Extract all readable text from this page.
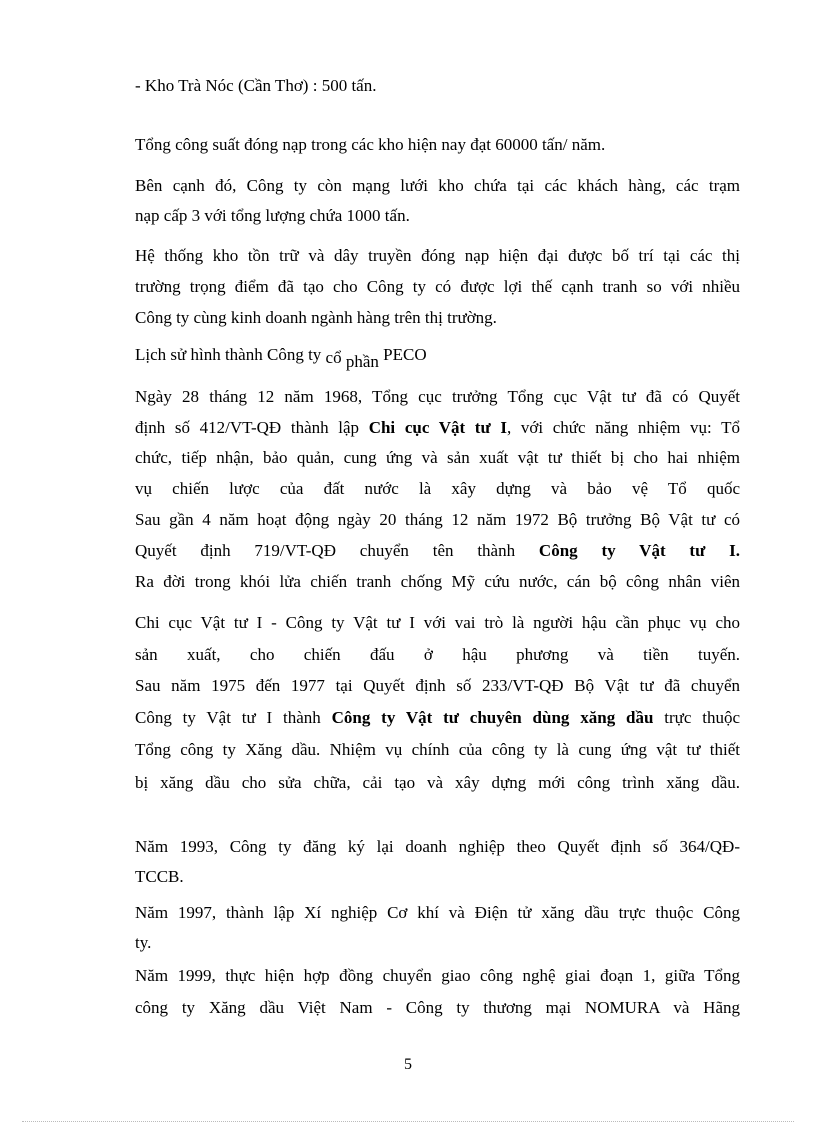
- Kho Trà Nóc (Cần Thơ) : 500 tấn.
Tổng công suất đóng nạp trong các kho hiện nay đạt 60000 tấn/ năm.
Bên cạnh đó, Công ty còn mạng lưới kho chứa tại các khách hàng, các trạm
nạp cấp 3 với tổng lượng chứa 1000 tấn.
Hệ thống kho tồn trữ và dây truyền đóng nạp hiện đại được bố trí tại các thị
trường trọng điểm đã tạo cho Công ty có được lợi thế cạnh tranh so với nhiều
Công ty cùng kinh doanh ngành hàng trên thị trường.
Lịch sử hình thành Công ty cổ phần PECO
Ngày 28 tháng 12 năm 1968, Tổng cục trưởng Tổng cục Vật tư đã có Quyết
định số 412/VT-QĐ thành lập Chi cục Vật tư I, với chức năng nhiệm vụ: Tổ
chức, tiếp nhận, bảo quản, cung ứng và sản xuất vật tư thiết bị cho hai nhiệm
vụ chiến lược của đất nước là xây dựng và bảo vệ Tổ quốc
Sau gần 4 năm hoạt động ngày 20 tháng 12 năm 1972 Bộ trưởng Bộ Vật tư có
Quyết định 719/VT-QĐ chuyển tên thành Công ty Vật tư I.
Ra đời trong khói lửa chiến tranh chống Mỹ cứu nước, cán bộ công nhân viên
Chi cục Vật tư I - Công ty Vật tư I với vai trò là người hậu cần phục vụ cho
sản xuất, cho chiến đấu ở hậu phương và tiền tuyến.
Sau năm 1975 đến 1977 tại Quyết định số 233/VT-QĐ Bộ Vật tư đã chuyển
Công ty Vật tư I thành Công ty Vật tư chuyên dùng xăng dầu trực thuộc
Tổng công ty Xăng dầu. Nhiệm vụ chính của công ty là cung ứng vật tư thiết
bị xăng dầu cho sửa chữa, cải tạo và xây dựng mới công trình xăng dầu.
Năm 1993, Công ty đăng ký lại doanh nghiệp theo Quyết định số 364/QĐ-
TCCB.
Năm 1997, thành lập Xí nghiệp Cơ khí và Điện tử xăng dầu trực thuộc Công
ty.
Năm 1999, thực hiện hợp đồng chuyển giao công nghệ giai đoạn 1, giữa Tổng
công ty Xăng dầu Việt Nam - Công ty thương mại NOMURA và Hãng
5
